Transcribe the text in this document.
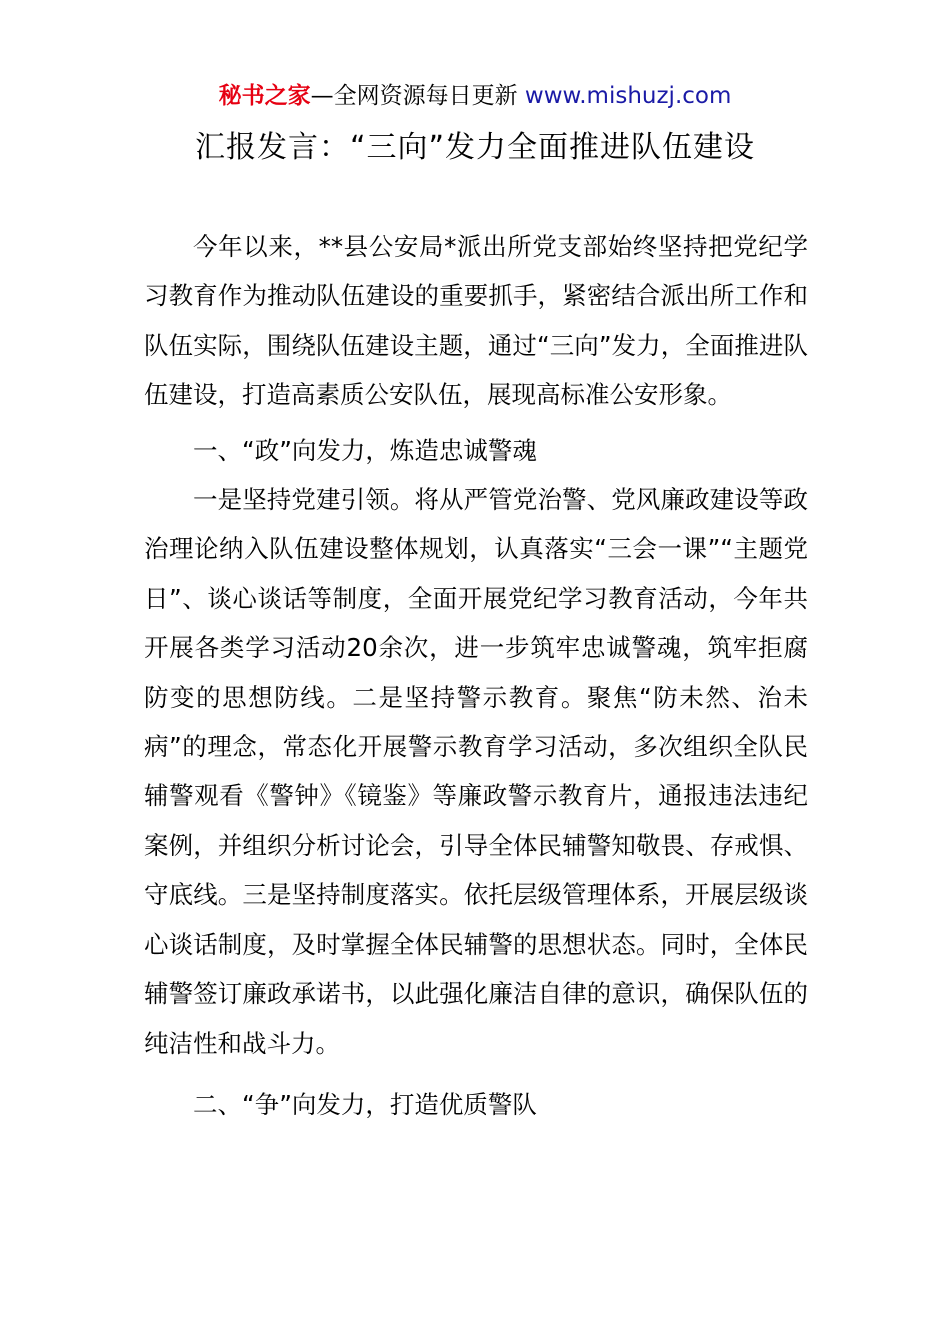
秘书之家—全网资源每日更新 www.mishuzj.com
汇报发言：“三向”发力全面推进队伍建设

今年以来，**县公安局*派出所党支部始终坚持把党纪学习教育作为推动队伍建设的重要抓手，紧密结合派出所工作和队伍实际，围绕队伍建设主题，通过“三向”发力，全面推进队伍建设，打造高素质公安队伍，展现高标准公安形象。

一、“政”向发力，炼造忠诚警魂

一是坚持党建引领。将从严管党治警、党风廉政建设等政治理论纳入队伍建设整体规划，认真落实“三会一课”“主题党日”、谈心谈话等制度，全面开展党纪学习教育活动，今年共开展各类学习活动20余次，进一步筑牢忠诚警魂，筑牢拒腐防变的思想防线。二是坚持警示教育。聚焦“防未然、治未病”的理念，常态化开展警示教育学习活动，多次组织全队民辅警观看《警钟》《镜鉴》等廉政警示教育片，通报违法违纪案例，并组织分析讨论会，引导全体民辅警知敬畏、存戒惧、守底线。三是坚持制度落实。依托层级管理体系，开展层级谈心谈话制度，及时掌握全体民辅警的思想状态。同时，全体民辅警签订廉政承诺书，以此强化廉洁自律的意识，确保队伍的纯洁性和战斗力。

二、“争”向发力，打造优质警队
